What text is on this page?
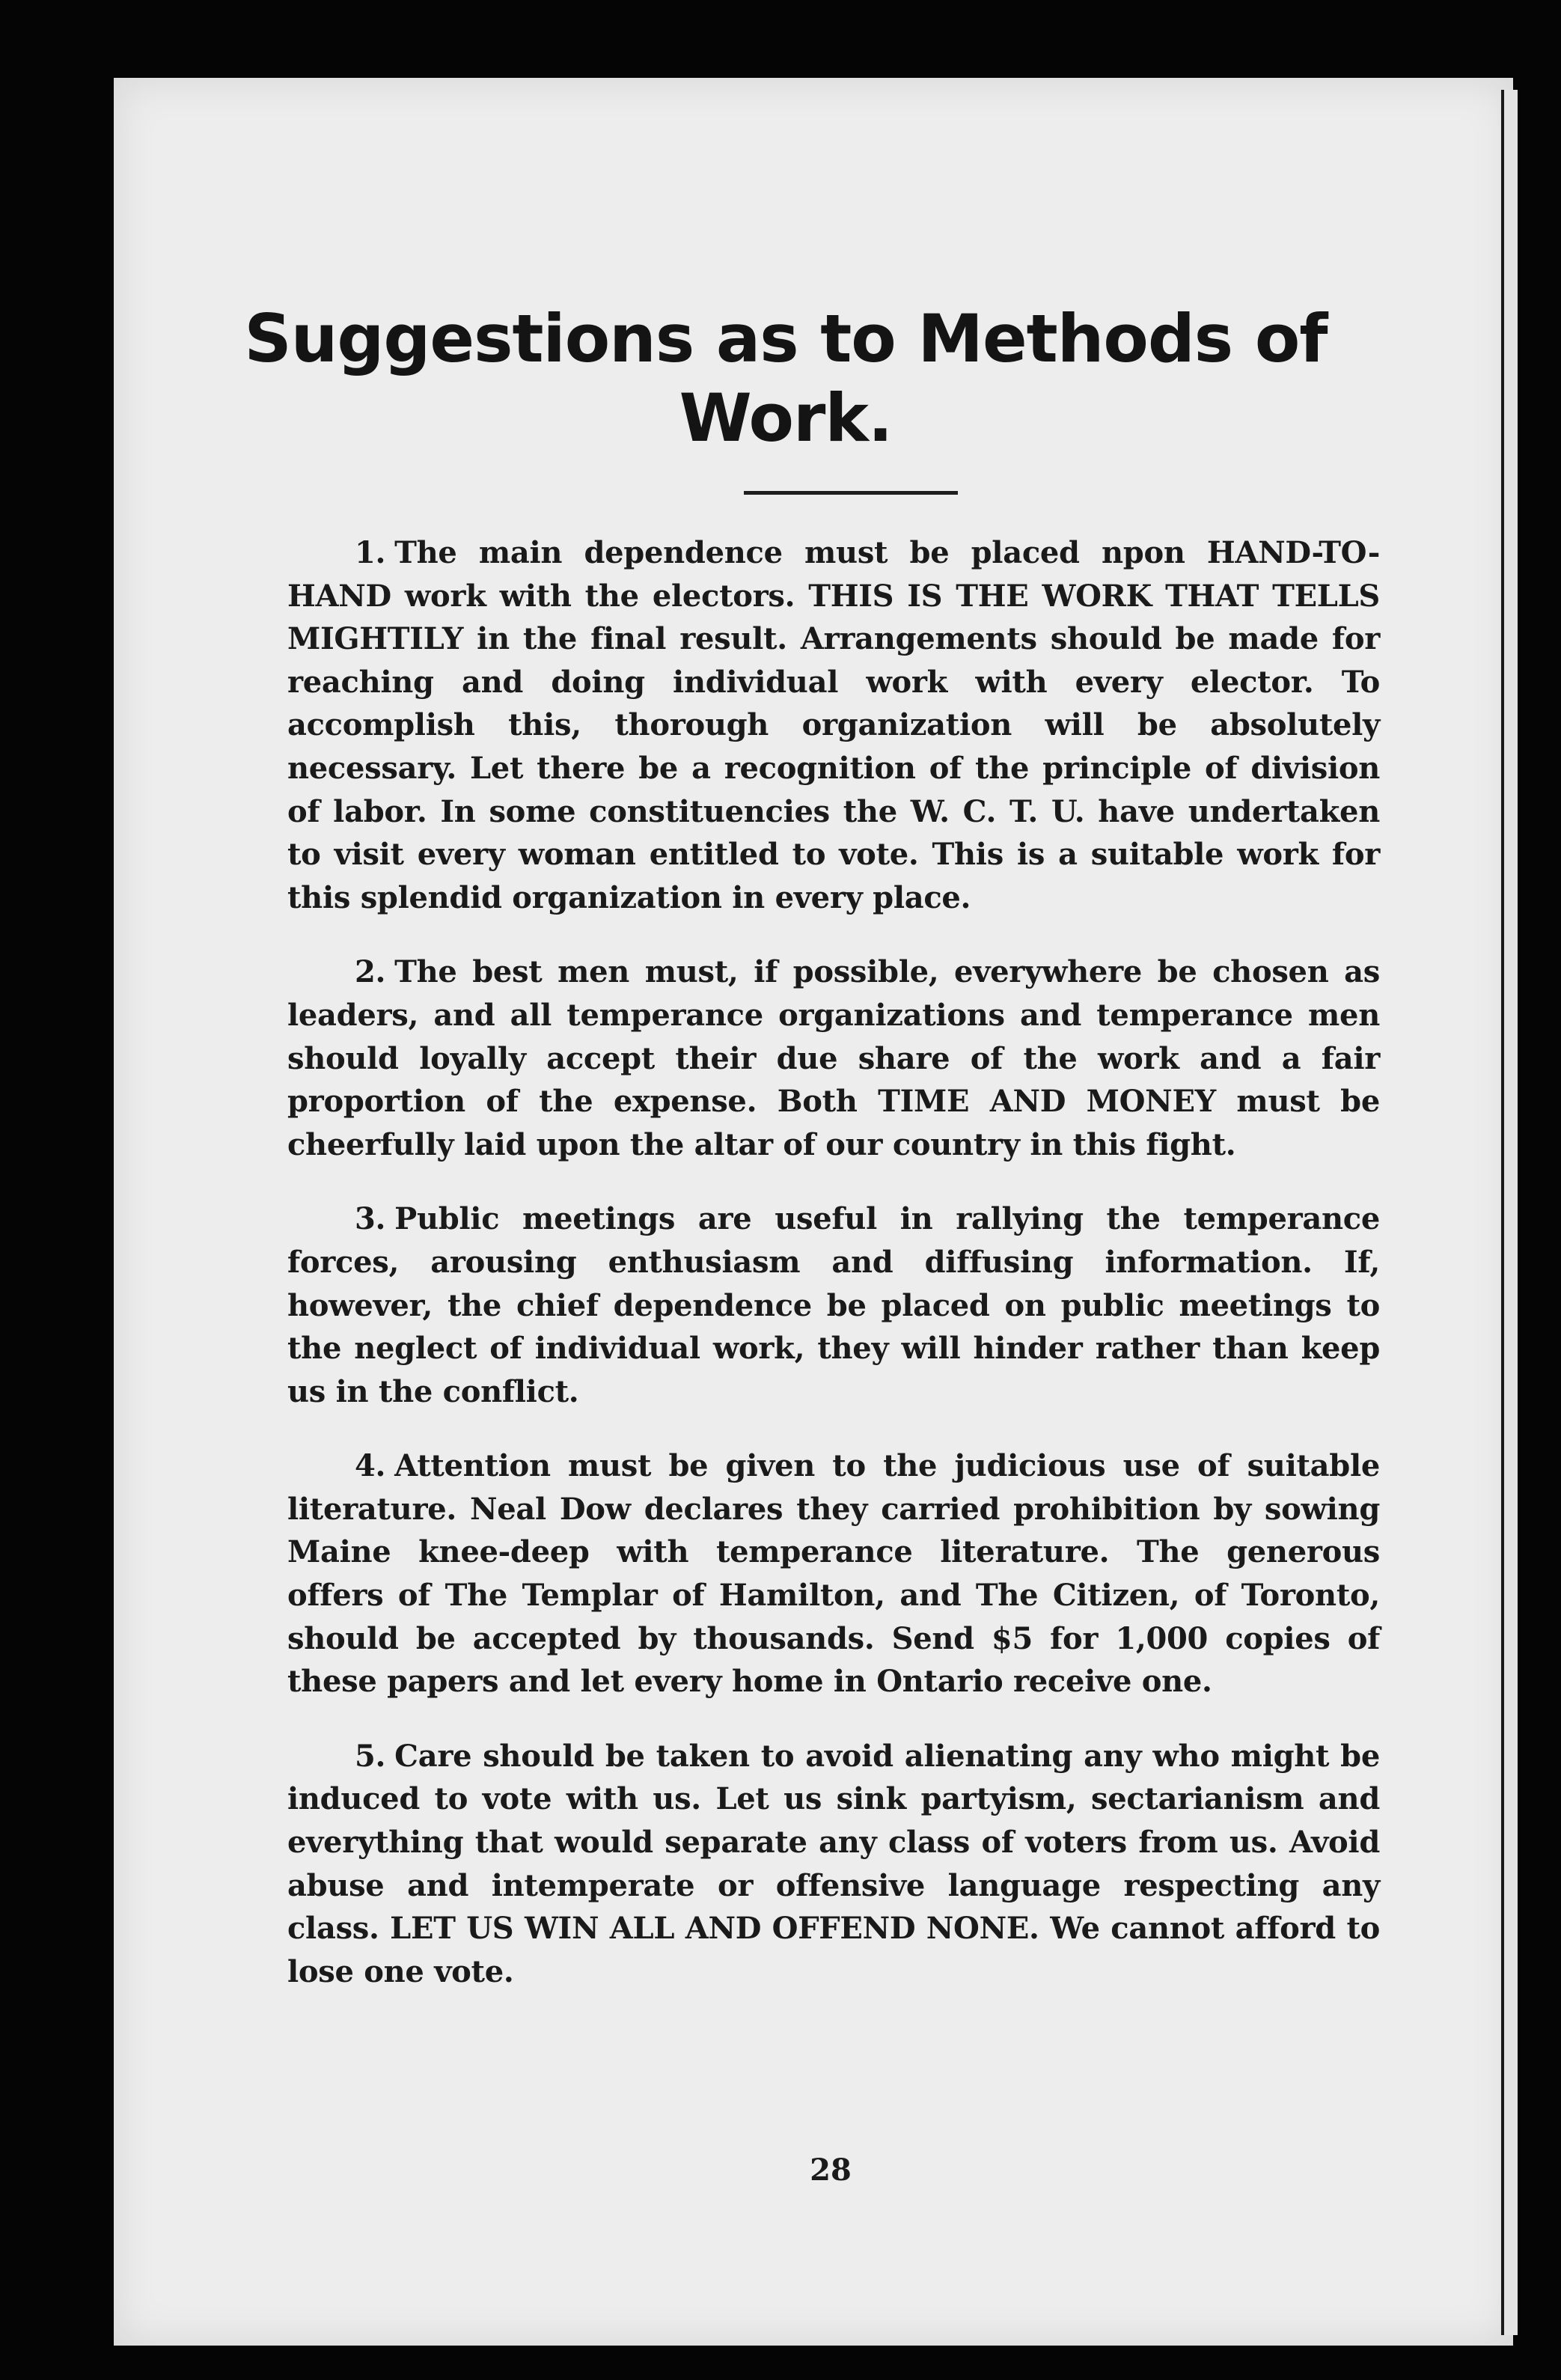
Suggestions as to Methods of Work.

1. The main dependence must be placed npon HAND-TO-HAND work with the electors. THIS IS THE WORK THAT TELLS MIGHTILY in the final result. Arrangements should be made for reaching and doing individual work with every elector. To accomplish this, thorough organization will be absolutely necessary. Let there be a recognition of the principle of division of labor. In some constituencies the W. C. T. U. have undertaken to visit every woman entitled to vote. This is a suitable work for this splendid organization in every place.

2. The best men must, if possible, everywhere be chosen as leaders, and all temperance organizations and temperance men should loyally accept their due share of the work and a fair proportion of the expense. Both TIME AND MONEY must be cheerfully laid upon the altar of our country in this fight.

3. Public meetings are useful in rallying the temperance forces, arousing enthusiasm and diffusing information. If, however, the chief dependence be placed on public meetings to the neglect of individual work, they will hinder rather than keep us in the conflict.

4. Attention must be given to the judicious use of suitable literature. Neal Dow declares they carried prohibition by sowing Maine knee-deep with temperance literature. The generous offers of The Templar of Hamilton, and The Citizen, of Toronto, should be accepted by thousands. Send $5 for 1,000 copies of these papers and let every home in Ontario receive one.

5. Care should be taken to avoid alienating any who might be induced to vote with us. Let us sink partyism, sectarianism and everything that would separate any class of voters from us. Avoid abuse and intemperate or offensive language respecting any class. LET US WIN ALL AND OFFEND NONE. We cannot afford to lose one vote.

28
